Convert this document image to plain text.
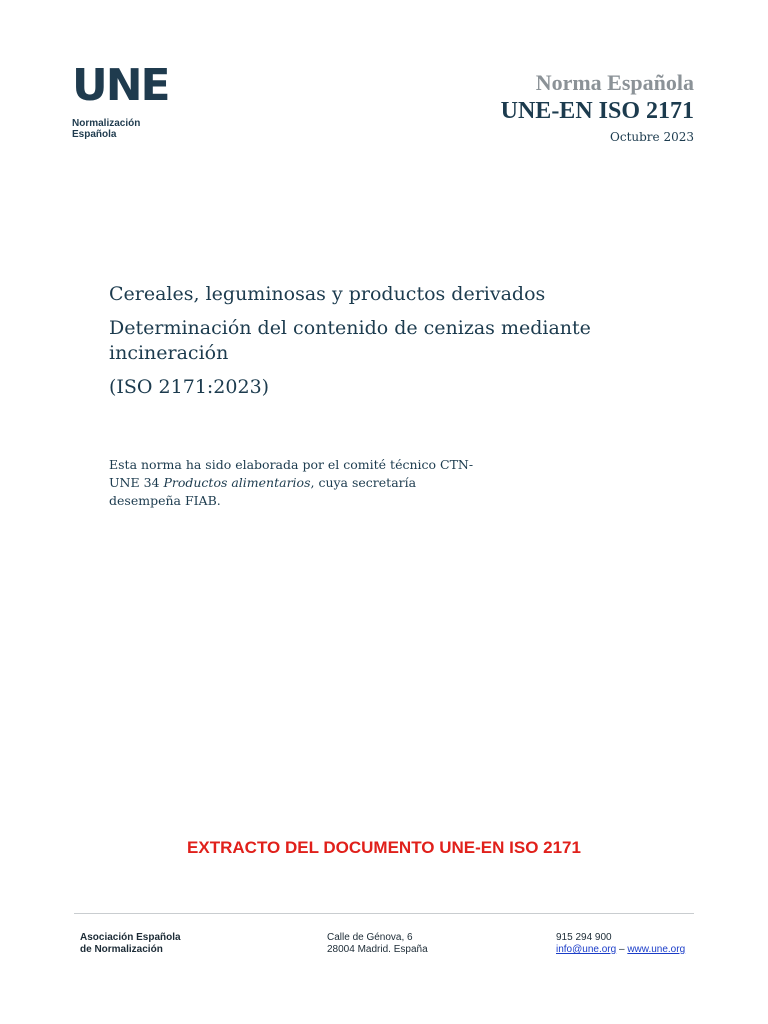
UNE
Normalización
Española
Norma Española
UNE-EN ISO 2171
Octubre 2023
Cereales, leguminosas y productos derivados
Determinación del contenido de cenizas mediante incineración
(ISO 2171:2023)
Esta norma ha sido elaborada por el comité técnico CTN-UNE 34 Productos alimentarios, cuya secretaría desempeña FIAB.
EXTRACTO DEL DOCUMENTO UNE-EN ISO 2171
Asociación Española
de Normalización
Calle de Génova, 6
28004 Madrid. España
915 294 900
info@une.org – www.une.org
